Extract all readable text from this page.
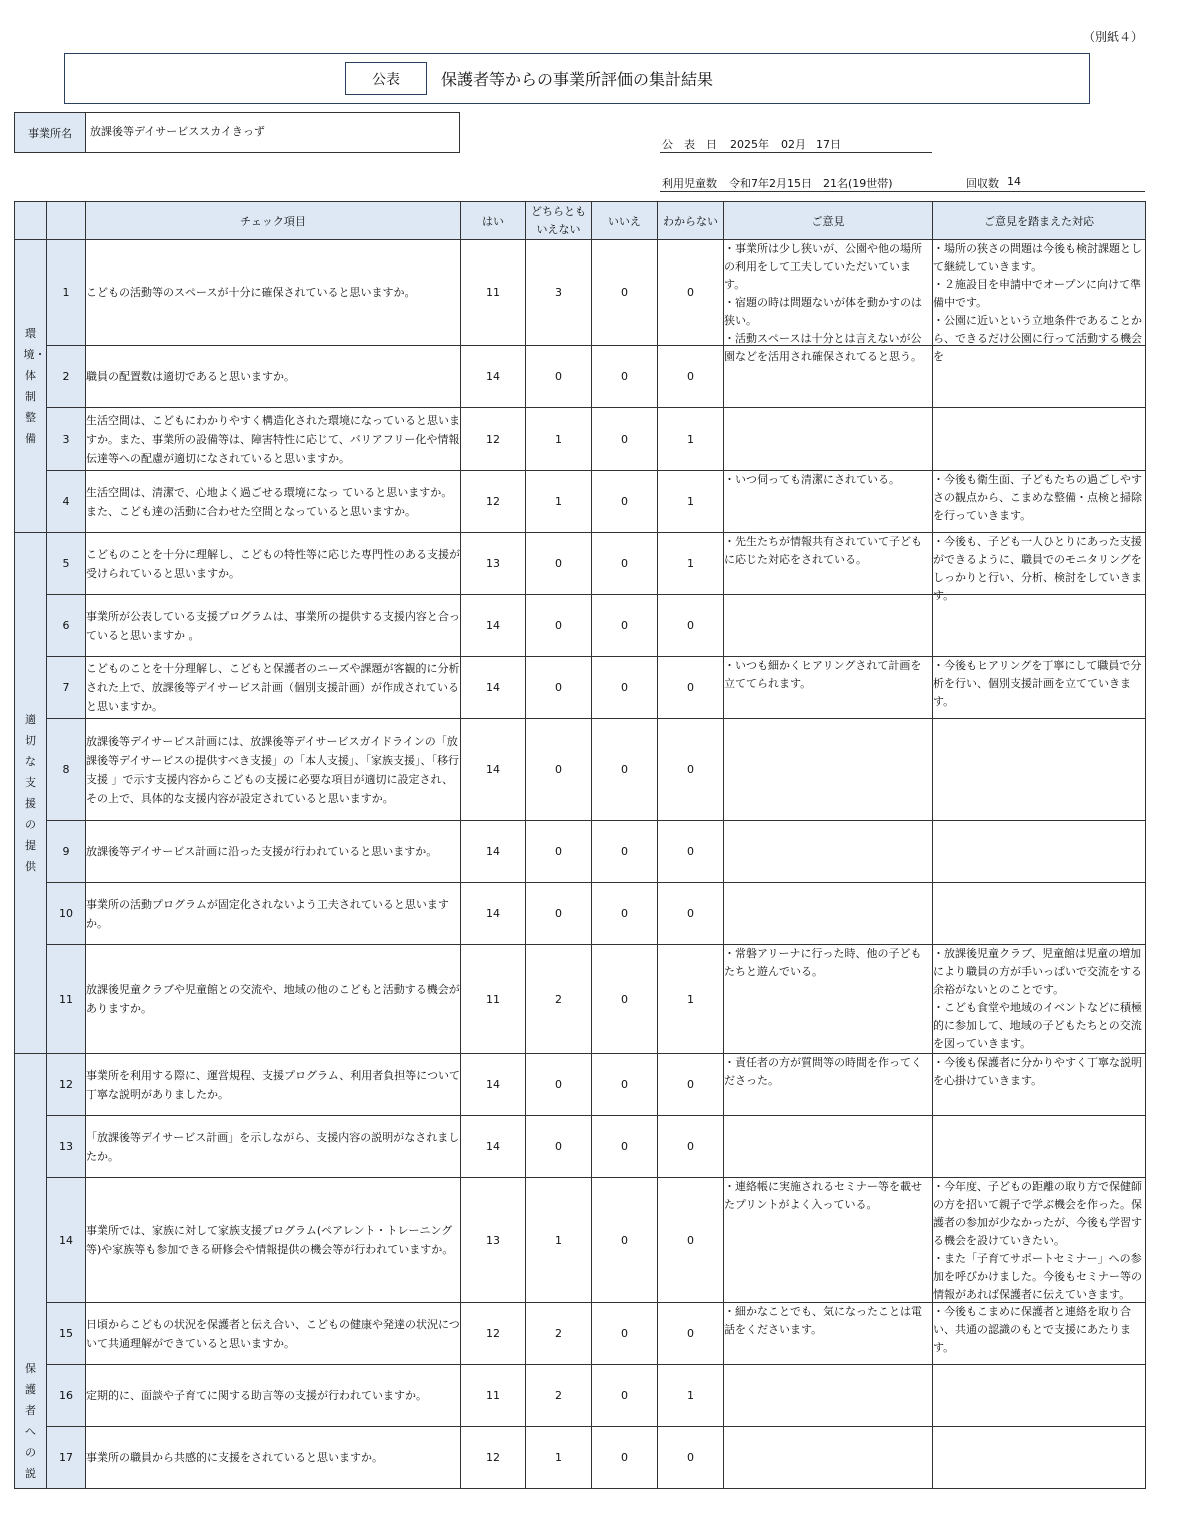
（別紙４）
公表	保護者等からの事業所評価の集計結果
事業所名	放課後等デイサービススカイきっず
公　表　日 2025年 02月 17日
利用児童数 令和7年2月15日　21名(19世帯)	回収数 14
		チェック項目	はい	どちらとも
いえない	いいえ	わからない	ご意見	ご意見を踏まえた対応

環境・体制整備	1	こどもの活動等のスペースが十分に確保されていると思いますか。	11	3	0	0	・事業所は少し狭いが、公園や他の場所の利用をして工夫していただいています。
・宿題の時は問題ないが体を動かすのは狭い。
・活動スペースは十分とは言えないが公園などを活用され確保されてると思う。	・場所の狭さの問題は今後も検討課題として継続していきます。
・２施設目を申請中でオープンに向けて準備中です。
・公園に近いという立地条件であることから、できるだけ公園に行って活動する機会を

	2	職員の配置数は適切であると思いますか。	14	0	0	0	

	3	生活空間は、こどもにわかりやすく構造化された環境になっていると思いますか。また、事業所の設備等は、障害特性に応じて、バリアフリー化や情報伝達等への配慮が適切になされていると思いますか。	12	1	0	1	

	4	生活空間は、清潔で、心地よく過ごせる環境になっ ていると思いますか。また、こども達の活動に合わせた空間となっていると思いますか。	12	1	0	1	・いつ伺っても清潔にされている。	・今後も衛生面、子どもたちの過ごしやすさの観点から、こまめな整備・点検と掃除を行っていきます。

適切な支援の提供	5	こどものことを十分に理解し、こどもの特性等に応じた専門性のある支援が受けられていると思いますか。	13	0	0	1	・先生たちが情報共有されていて子どもに応じた対応をされている。	・今後も、子ども一人ひとりにあった支援ができるように、職員でのモニタリングをしっかりと行い、分析、検討をしていきます。

	6	事業所が公表している支援プログラムは、事業所の提供する支援内容と合っていると思いますか 。	14	0	0	0	

	7	こどものことを十分理解し、こどもと保護者のニーズや課題が客観的に分析された上で、放課後等デイサービス計画（個別支援計画）が作成されていると思いますか。	14	0	0	0	・いつも細かくヒアリングされて計画を立ててられます。	・今後もヒアリングを丁寧にして職員で分析を行い、個別支援計画を立てていきます。

	8	放課後等デイサービス計画には、放課後等デイサービスガイドラインの「放課後等デイサービスの提供すべき支援」の「本人支援」、「家族支援」、「移行支援 」で示す支援内容からこどもの支援に必要な項目が適切に設定され、その上で、具体的な支援内容が設定されていると思いますか。	14	0	0	0	

	9	放課後等デイサービス計画に沿った支援が行われていると思いますか。	14	0	0	0	

	10	事業所の活動プログラムが固定化されないよう工夫されていると思いますか。	14	0	0	0	

	11	放課後児童クラブや児童館との交流や、地域の他のこどもと活動する機会がありますか。	11	2	0	1	・常磐アリーナに行った時、他の子どもたちと遊んでいる。	・放課後児童クラブ、児童館は児童の増加により職員の方が手いっぱいで交流をする余裕がないとのことです。
・こども食堂や地域のイベントなどに積極的に参加して、地域の子どもたちとの交流を図っていきます。

保護者への説	12	事業所を利用する際に、運営規程、支援プログラム、利用者負担等について丁寧な説明がありましたか。	14	0	0	0	・責任者の方が質問等の時間を作ってくださった。	・今後も保護者に分かりやすく丁寧な説明を心掛けていきます。

	13	「放課後等デイサービス計画」を示しながら、支援内容の説明がなされましたか。	14	0	0	0	

	14	事業所では、家族に対して家族支援プログラム(ペアレント・トレーニング等)や家族等も参加できる研修会や情報提供の機会等が行われていますか。	13	1	0	0	・連絡帳に実施されるセミナー等を載せたプリントがよく入っている。	・今年度、子どもの距離の取り方で保健師の方を招いて親子で学ぶ機会を作った。保護者の参加が少なかったが、今後も学習する機会を設けていきたい。
・また「子育てサポートセミナー」への参加を呼びかけました。今後もセミナー等の情報があれば保護者に伝えていきます。

	15	日頃からこどもの状況を保護者と伝え合い、こどもの健康や発達の状況について共通理解ができていると思いますか。	12	2	0	0	・細かなことでも、気になったことは電話をくださいます。	・今後もこまめに保護者と連絡を取り合い、共通の認識のもとで支援にあたります。

	16	定期的に、面談や子育てに関する助言等の支援が行われていますか。	11	2	0	1	

	17	事業所の職員から共感的に支援をされていると思いますか。	12	1	0	0	
